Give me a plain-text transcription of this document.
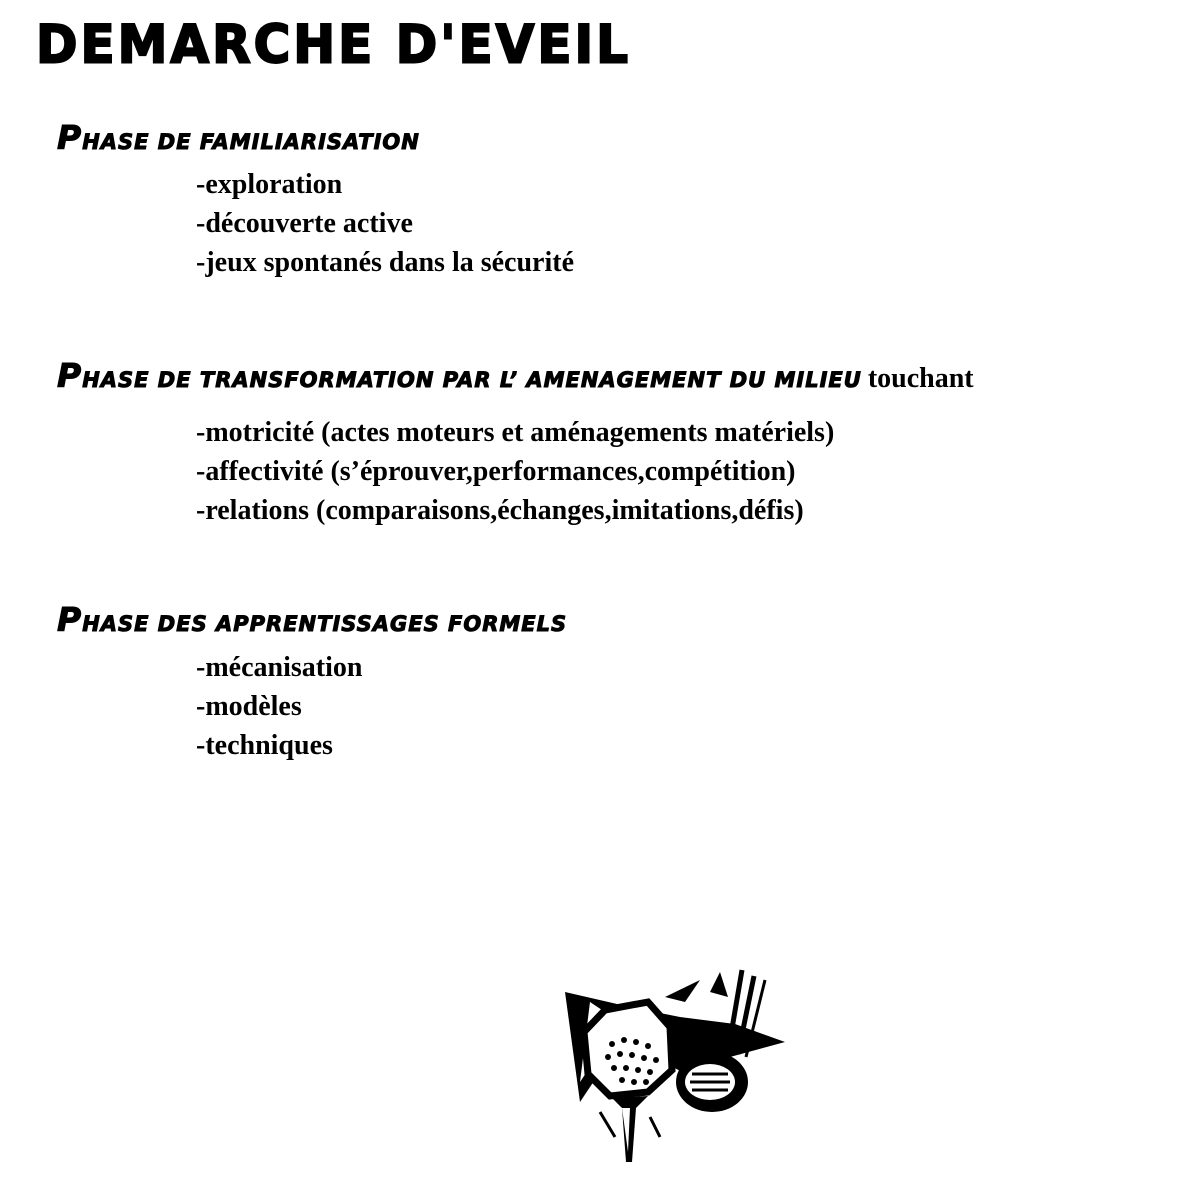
DEMARCHE D'EVEIL
PHASE DE FAMILIARISATION
-exploration
-découverte active
-jeux spontanés dans la sécurité
PHASE DE TRANSFORMATION PAR L’ AMENAGEMENT DU MILIEU touchant
-motricité (actes moteurs et aménagements matériels)
-affectivité (s’éprouver,performances,compétition)
-relations (comparaisons,échanges,imitations,défis)
PHASE DES APPRENTISSAGES FORMELS
-mécanisation
-modèles
-techniques
